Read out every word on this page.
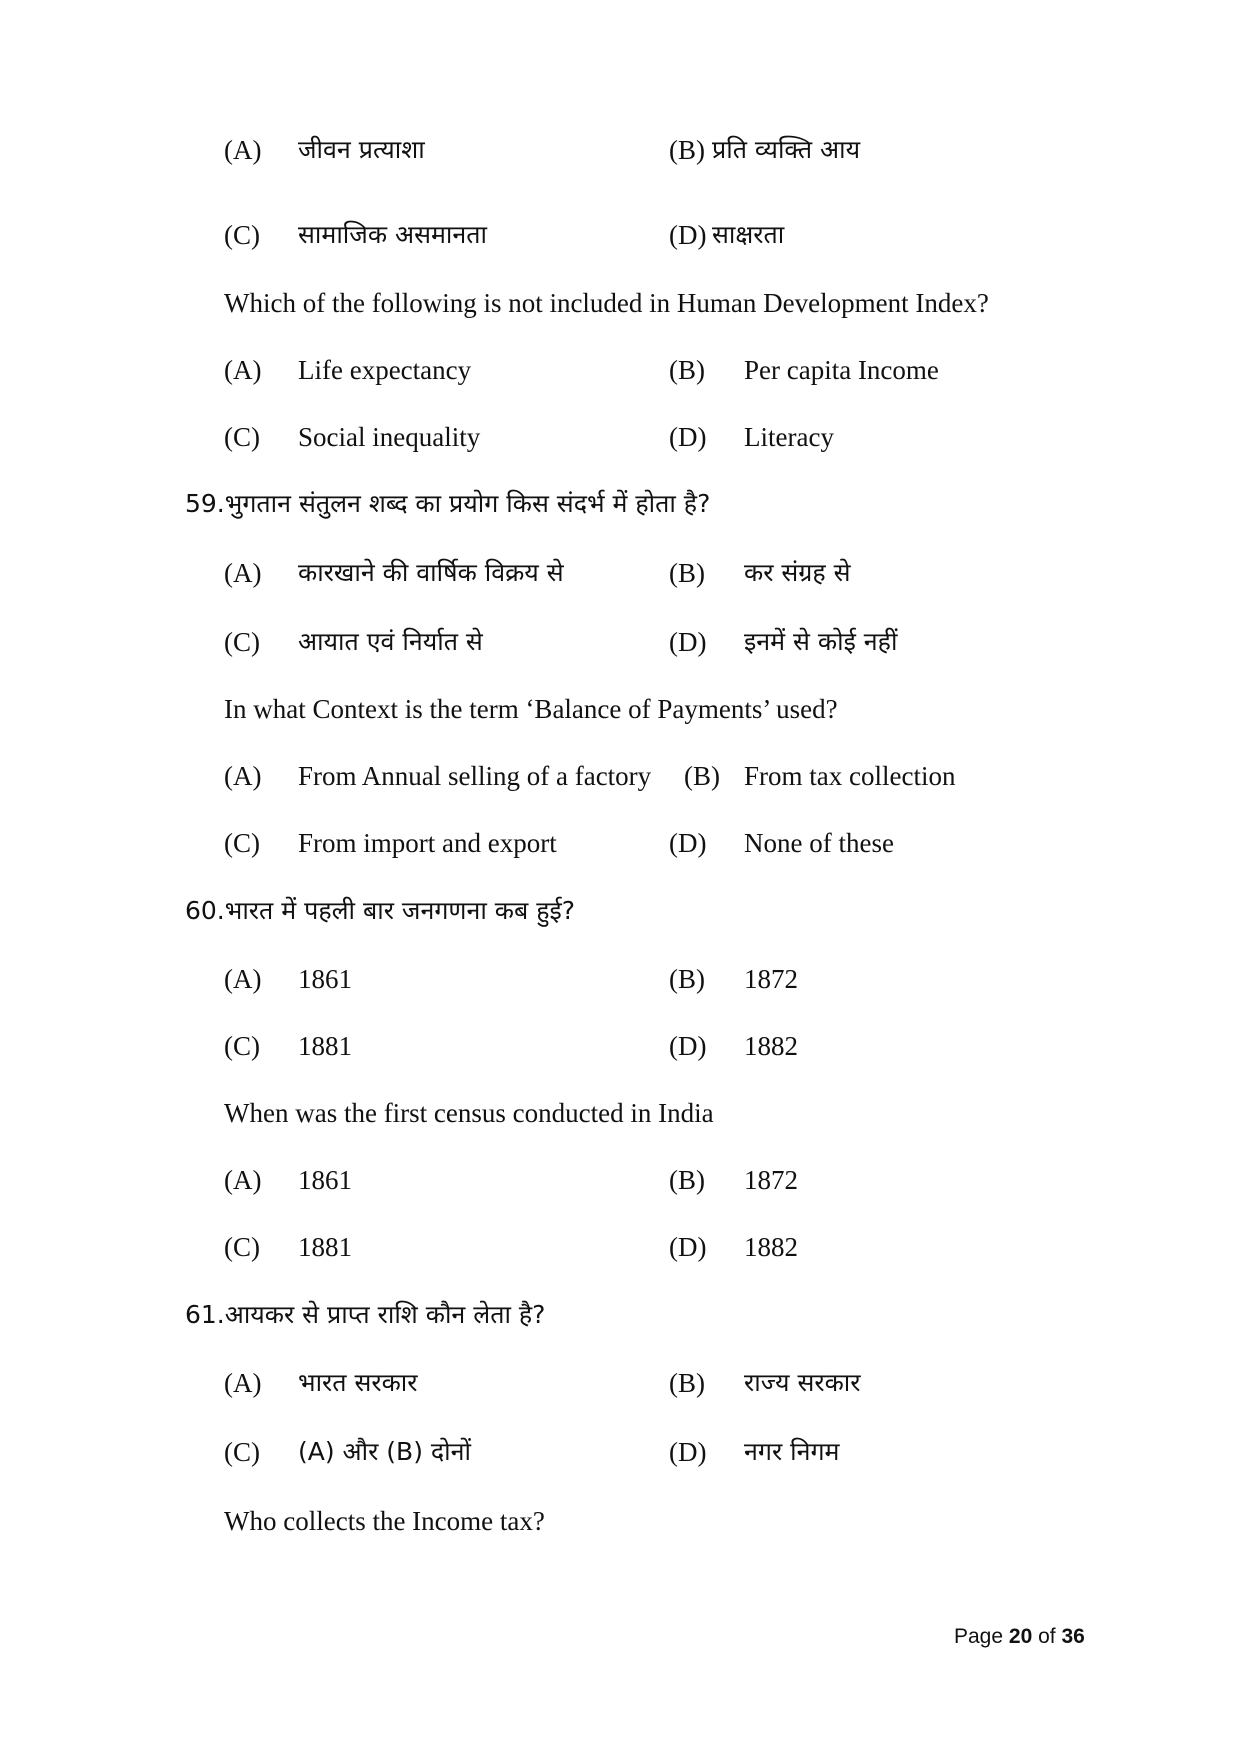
(A) जीवन प्रत्याशा	(B) प्रति व्यक्ति आय
(C) सामाजिक असमानता	(D) साक्षरता
Which of the following is not included in Human Development Index?
(A) Life expectancy	(B) Per capita Income
(C) Social inequality	(D) Literacy
59.भुगतान संतुलन शब्द का प्रयोग किस संदर्भ में होता है?
(A) कारखाने की वार्षिक विक्रय से	(B) कर संग्रह से
(C) आयात एवं निर्यात से	(D) इनमें से कोई नहीं
In what Context is the term ‘Balance of Payments’ used?
(A) From Annual selling of a factory (B) From tax collection
(C) From import and export	(D) None of these
60.भारत में पहली बार जनगणना कब हुई?
(A) 1861	(B) 1872
(C) 1881	(D) 1882
When was the first census conducted in India
(A) 1861	(B) 1872
(C) 1881	(D) 1882
61.आयकर से प्राप्त राशि कौन लेता है?
(A) भारत सरकार	(B) राज्य सरकार
(C) (A) और (B) दोनों	(D) नगर निगम
Who collects the Income tax?
Page 20 of 36
